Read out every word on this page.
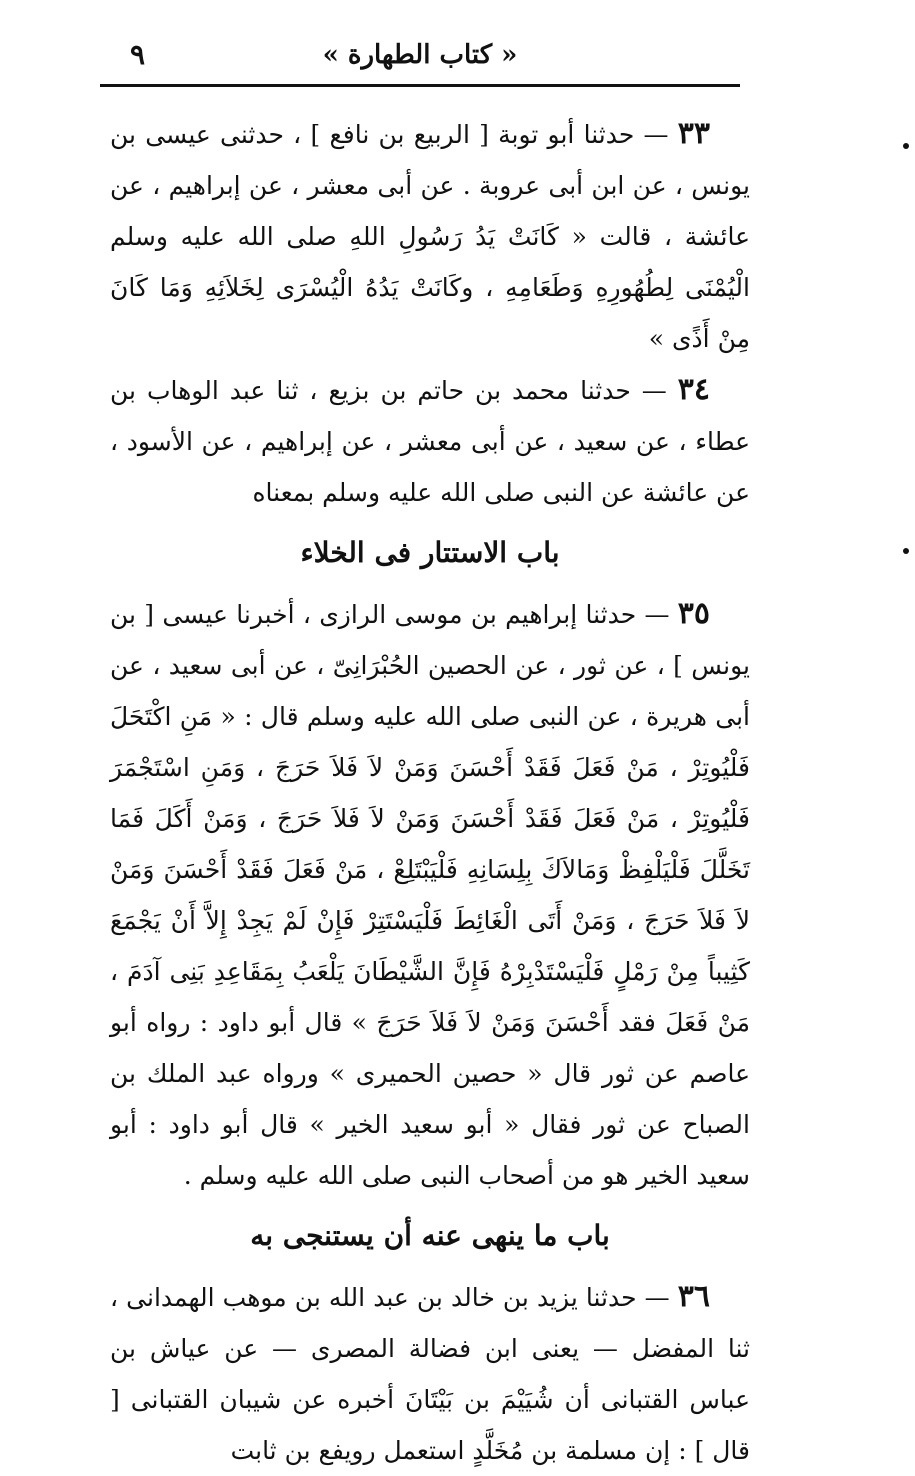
« كتاب الطهارة »
٩

٣٣ — حدثنا أبو توبة [ الربيع بن نافع ] ، حدثنى عيسى بن يونس ، عن ابن أبى عروبة . عن أبى معشر ، عن إبراهيم ، عن عائشة ، قالت « كَانَتْ يَدُ رَسُولِ اللهِ صلى الله عليه وسلم الْيُمْنَى لِطُهُورِهِ وَطَعَامِهِ ، وكَانَتْ يَدُهُ الْيُسْرَى لِخَلاَئِهِ وَمَا كَانَ مِنْ أَذًى »

٣٤ — حدثنا محمد بن حاتم بن بزيع ، ثنا عبد الوهاب بن عطاء ، عن سعيد ، عن أبى معشر ، عن إبراهيم ، عن الأسود ، عن عائشة عن النبى صلى الله عليه وسلم بمعناه

باب الاستتار فى الخلاء

٣٥ — حدثنا إبراهيم بن موسى الرازى ، أخبرنا عيسى [ بن يونس ] ، عن ثور ، عن الحصين الحُبْرَانِىّ ، عن أبى سعيد ، عن أبى هريرة ، عن النبى صلى الله عليه وسلم قال : « مَنِ اكْتَحَلَ فَلْيُوتِرْ ، مَنْ فَعَلَ فَقَدْ أَحْسَنَ وَمَنْ لاَ فَلاَ حَرَجَ ، وَمَنِ اسْتَجْمَرَ فَلْيُوتِرْ ، مَنْ فَعَلَ فَقَدْ أَحْسَنَ وَمَنْ لاَ فَلاَ حَرَجَ ، وَمَنْ أَكَلَ فَمَا تَخَلَّلَ فَلْيَلْفِظْ وَمَالاَكَ بِلِسَانِهِ فَلْيَبْتَلِعْ ، مَنْ فَعَلَ فَقَدْ أَحْسَنَ وَمَنْ لاَ فَلاَ حَرَجَ ، وَمَنْ أَتَى الْغَائِطَ فَلْيَسْتَتِرْ فَإِنْ لَمْ يَجِدْ إِلاَّ أَنْ يَجْمَعَ كَثِيباً مِنْ رَمْلٍ فَلْيَسْتَدْبِرْهُ فَإِنَّ الشَّيْطَانَ يَلْعَبُ بِمَقَاعِدِ بَنِى آدَمَ ، مَنْ فَعَلَ فقد أَحْسَنَ وَمَنْ لاَ فَلاَ حَرَجَ » قال أبو داود : رواه أبو عاصم عن ثور قال « حصين الحميرى » ورواه عبد الملك بن الصباح عن ثور فقال « أبو سعيد الخير » قال أبو داود : أبو سعيد الخير هو من أصحاب النبى صلى الله عليه وسلم .

باب ما ينهى عنه أن يستنجى به

٣٦ — حدثنا يزيد بن خالد بن عبد الله بن موهب الهمدانى ، ثنا المفضل — يعنى ابن فضالة المصرى — عن عياش بن عباس القتبانى أن شُيَيْمَ بن بَيْتَانَ أخبره عن شيبان القتبانى [ قال ] : إن مسلمة بن مُخَلَّدٍ استعمل رويفع بن ثابت
